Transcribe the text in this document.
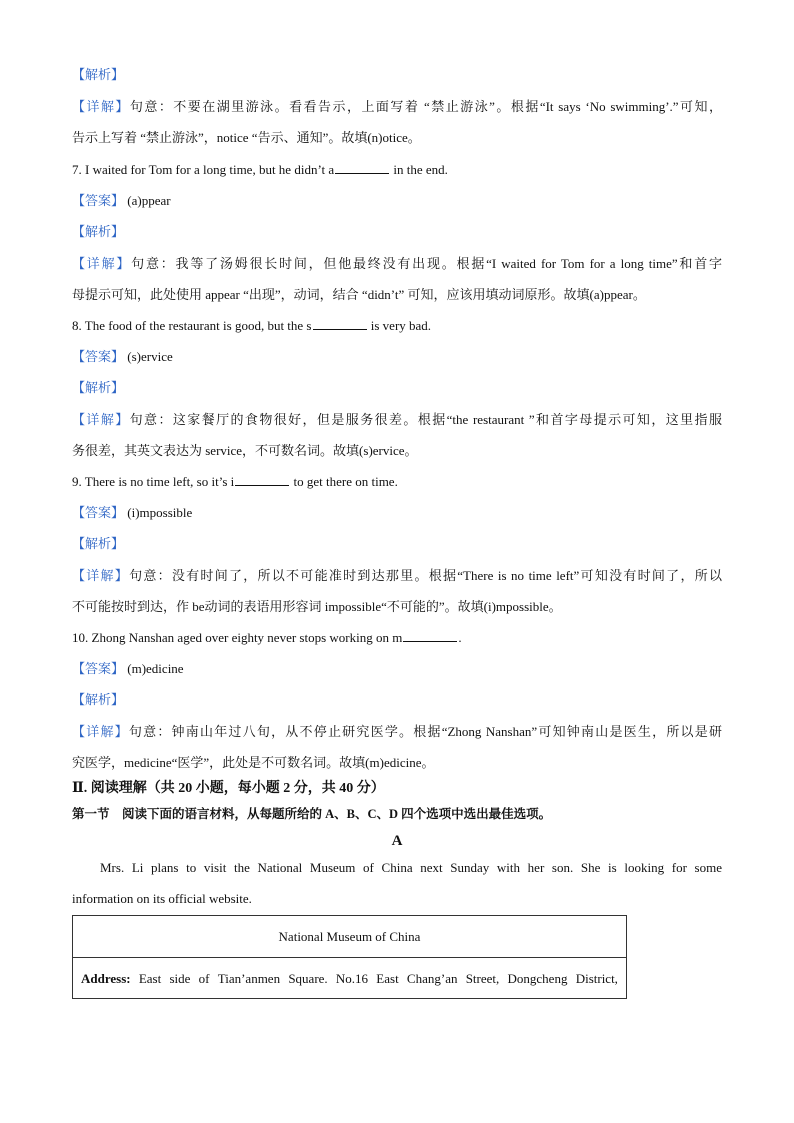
【解析】
【详解】句意：不要在湖里游泳。看看告示，上面写着 “禁止游泳”。根据“It says ‘No swimming’.”可知，
告示上写着 “禁止游泳”，notice “告示、通知”。故填(n)otice。
7. I waited for Tom for a long time, but he didn’t a	in the end.
【答案】 (a)ppear
【解析】
【详解】句意：我等了汤姆很长时间，但他最终没有出现。根据“I waited for Tom for a long time”和首字
母提示可知，此处使用 appear “出现”，动词，结合 “didn’t” 可知，应该用填动词原形。故填(a)ppear。
8. The food of the restaurant is good, but the s	is very bad.
【答案】 (s)ervice
【解析】
【详解】句意：这家餐厅的食物很好，但是服务很差。根据“the restaurant ”和首字母提示可知，这里指服
务很差，其英文表达为 service，不可数名词。故填(s)ervice。
9. There is no time left, so it’s i	to get there on time.
【答案】 (i)mpossible
【解析】
【详解】句意：没有时间了，所以不可能准时到达那里。根据“There is no time left”可知没有时间了，所以
不可能按时到达，作 be动词的表语用形容词 impossible“不可能的”。故填(i)mpossible。
10. Zhong Nanshan aged over eighty never stops working on m	.
【答案】 (m)edicine
【解析】
【详解】句意：钟南山年过八旬，从不停止研究医学。根据“Zhong Nanshan”可知钟南山是医生，所以是研
究医学，medicine“医学”，此处是不可数名词。故填(m)edicine。
Ⅱ. 阅读理解（共 20 小题，每小题 2 分，共 40 分）
第一节　阅读下面的语言材料，从每题所给的 A、B、C、D 四个选项中选出最佳选项。
A
Mrs. Li plans to visit the National Museum of China next Sunday with her son. She is looking for some
information on its official website.
National Museum of China
Address: East side of Tian’anmen Square. No.16 East Chang’an Street, Dongcheng District,
